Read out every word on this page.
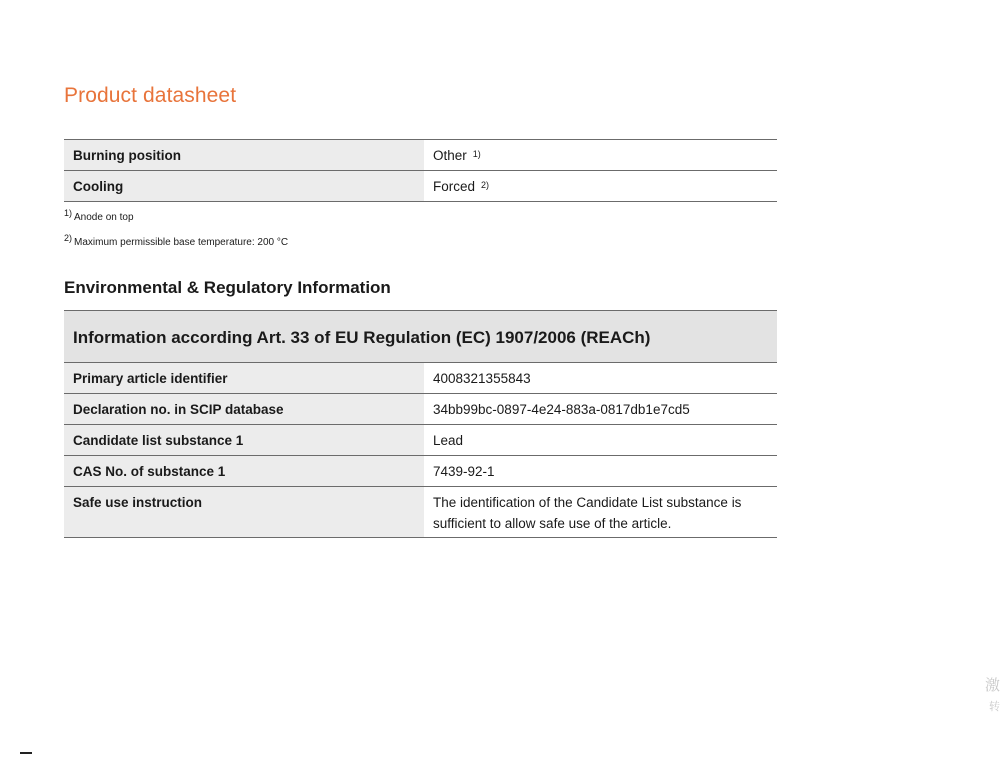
Product datasheet
Burning position	Other $^{1)}$
Cooling	Forced $^{2)}$
$^{1)}$ Anode on top
$^{2)}$ Maximum permissible base temperature: 200 °C
Environmental & Regulatory Information
Information according Art. 33 of EU Regulation (EC) 1907/2006 (REACh)	
Primary article identifier	4008321355843
Declaration no. in SCIP database	34bb99bc-0897-4e24-883a-0817db1e7cd5
Candidate list substance 1	Lead
CAS No. of substance 1	7439-92-1
Safe use instruction	The identification of the Candidate List substance is sufficient to allow safe use of the article.
激
转
